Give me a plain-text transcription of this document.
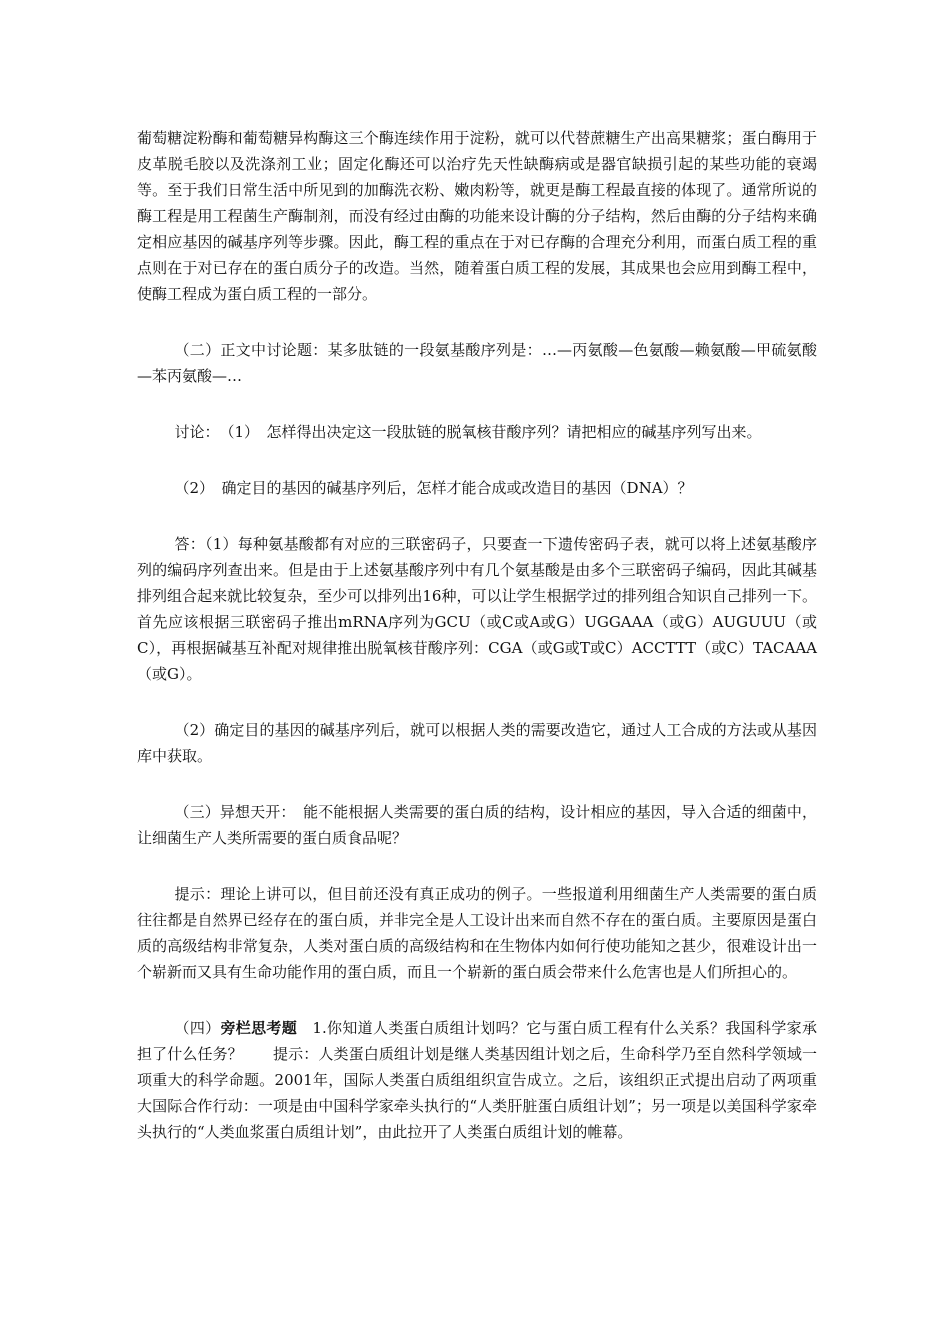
葡萄糖淀粉酶和葡萄糖异构酶这三个酶连续作用于淀粉，就可以代替蔗糖生产出高果糖浆；蛋白酶用于皮革脱毛胶以及洗涤剂工业；固定化酶还可以治疗先天性缺酶病或是器官缺损引起的某些功能的衰竭等。至于我们日常生活中所见到的加酶洗衣粉、嫩肉粉等，就更是酶工程最直接的体现了。通常所说的酶工程是用工程菌生产酶制剂，而没有经过由酶的功能来设计酶的分子结构，然后由酶的分子结构来确定相应基因的碱基序列等步骤。因此，酶工程的重点在于对已存酶的合理充分利用，而蛋白质工程的重点则在于对已存在的蛋白质分子的改造。当然，随着蛋白质工程的发展，其成果也会应用到酶工程中，使酶工程成为蛋白质工程的一部分。

（二）正文中讨论题：某多肽链的一段氨基酸序列是：…—丙氨酸—色氨酸—赖氨酸—甲硫氨酸—苯丙氨酸—…

讨论：　（1）　怎样得出决定这一段肽链的脱氧核苷酸序列？请把相应的碱基序列写出来。

（2）　确定目的基因的碱基序列后，怎样才能合成或改造目的基因（DNA）？

答：（1）每种氨基酸都有对应的三联密码子，只要查一下遗传密码子表，就可以将上述氨基酸序列的编码序列查出来。但是由于上述氨基酸序列中有几个氨基酸是由多个三联密码子编码，因此其碱基排列组合起来就比较复杂，至少可以排列出16种，可以让学生根据学过的排列组合知识自己排列一下。首先应该根据三联密码子推出mRNA序列为GCU（或C或A或G）UGGAAA（或G）AUGUUU（或C），再根据碱基互补配对规律推出脱氧核苷酸序列：CGA（或G或T或C）ACCTTT（或C）TACAAA（或G）。

（2）确定目的基因的碱基序列后，就可以根据人类的需要改造它，通过人工合成的方法或从基因库中获取。

（三）异想天开：　能不能根据人类需要的蛋白质的结构，设计相应的基因，导入合适的细菌中，让细菌生产人类所需要的蛋白质食品呢？

提示：理论上讲可以，但目前还没有真正成功的例子。一些报道利用细菌生产人类需要的蛋白质往往都是自然界已经存在的蛋白质，并非完全是人工设计出来而自然不存在的蛋白质。主要原因是蛋白质的高级结构非常复杂，人类对蛋白质的高级结构和在生物体内如何行使功能知之甚少，很难设计出一个崭新而又具有生命功能作用的蛋白质，而且一个崭新的蛋白质会带来什么危害也是人们所担心的。

（四）旁栏思考题　1.你知道人类蛋白质组计划吗？它与蛋白质工程有什么关系？我国科学家承担了什么任务？　　提示：人类蛋白质组计划是继人类基因组计划之后，生命科学乃至自然科学领域一项重大的科学命题。2001年，国际人类蛋白质组组织宣告成立。之后，该组织正式提出启动了两项重大国际合作行动：一项是由中国科学家牵头执行的“人类肝脏蛋白质组计划”；另一项是以美国科学家牵头执行的“人类血浆蛋白质组计划”，由此拉开了人类蛋白质组计划的帷幕。
